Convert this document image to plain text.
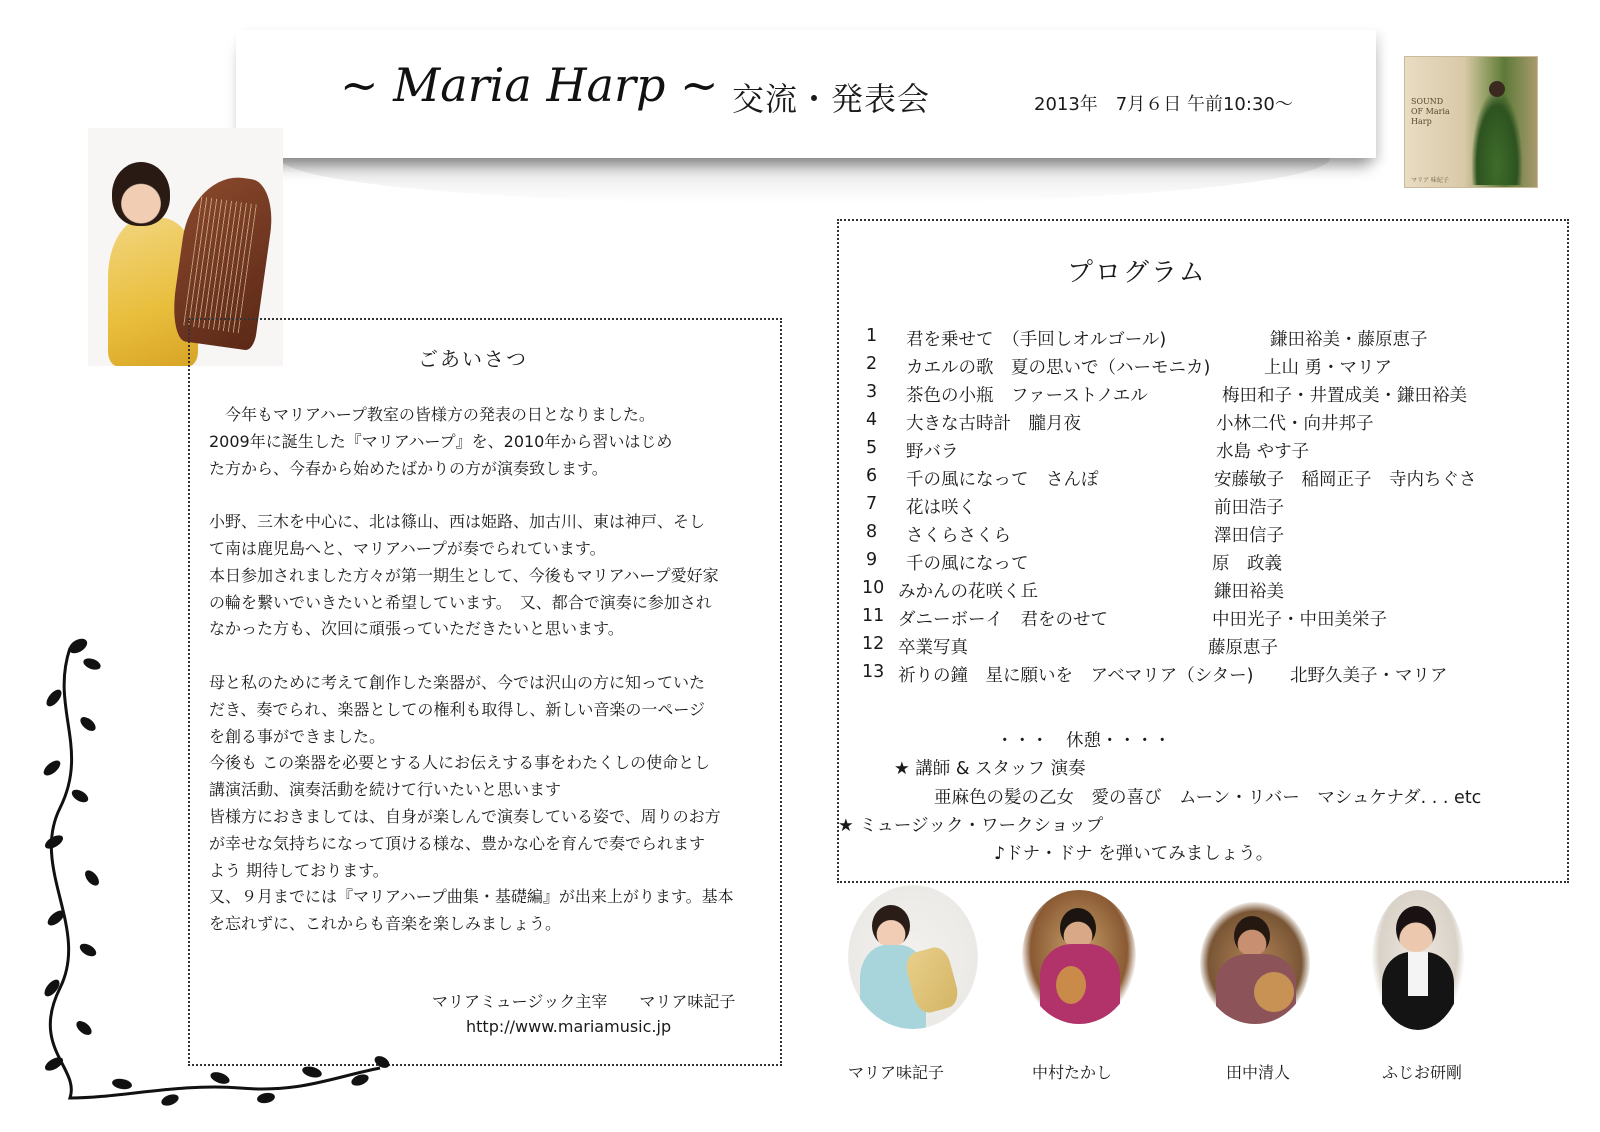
~ Maria Harp ~ 交流・発表会	2013年　7月６日 午前10:30〜	SOUND OF Maria Harp
マリア 味紀子
ごあいさつ

　今年もマリアハープ教室の皆様方の発表の日となりました。

2009年に誕生した『マリアハープ』を、2010年から習いはじめ

た方から、今春から始めたばかりの方が演奏致します。

小野、三木を中心に、北は篠山、西は姫路、加古川、東は神戸、そし

て南は鹿児島へと、マリアハープが奏でられています。

本日参加されました方々が第一期生として、今後もマリアハープ愛好家

の輪を繋いでいきたいと希望しています。　又、都合で演奏に参加され

なかった方も、次回に頑張っていただきたいと思います。

母と私のために考えて創作した楽器が、今では沢山の方に知っていた

だき、奏でられ、楽器としての権利も取得し、新しい音楽の一ページ

を創る事ができました。

今後も この楽器を必要とする人にお伝えする事をわたくしの使命とし

講演活動、演奏活動を続けて行いたいと思います

皆様方におきましては、自身が楽しんで演奏している姿で、周りのお方

が幸せな気持ちになって頂ける様な、豊かな心を育んで奏でられます

よう 期待しております。

又、９月までには『マリアハープ曲集・基礎編』が出来上がります。基本

を忘れずに、これからも音楽を楽しみましょう。

マリアミュージック主宰　　マリア味記子
http://www.mariamusic.jp
プログラム
1 君を乗せて　（手回しオルゴール)	鎌田裕美・藤原恵子
2 カエルの歌　夏の思いで（ハーモニカ)	上山 勇・マリア
3 茶色の小瓶　ファーストノエル	梅田和子・井置成美・鎌田裕美
4 大きな古時計　朧月夜	小林二代・向井邦子
5 野バラ	水島 やす子
6 千の風になって　さんぽ	安藤敏子　稲岡正子　寺内ちぐさ
7 花は咲く	前田浩子
8 さくらさくら	澤田信子
9 千の風になって	原　政義
10 みかんの花咲く丘	鎌田裕美
11 ダニーボーイ　君をのせて	中田光子・中田美栄子
12 卒業写真	藤原恵子
13 祈りの鐘　星に願いを　アベマリア（シター) 北野久美子・マリア
・・・　休憩・・・・
★ 講師 & スタッフ 演奏
亜麻色の髪の乙女　愛の喜び　ムーン・リバー　マシュケナダ. . . etc
★ ミュージック・ワークショップ
♪ドナ・ドナ を弾いてみましょう。
マリア味記子	中村たかし	田中清人	ふじお研剛
